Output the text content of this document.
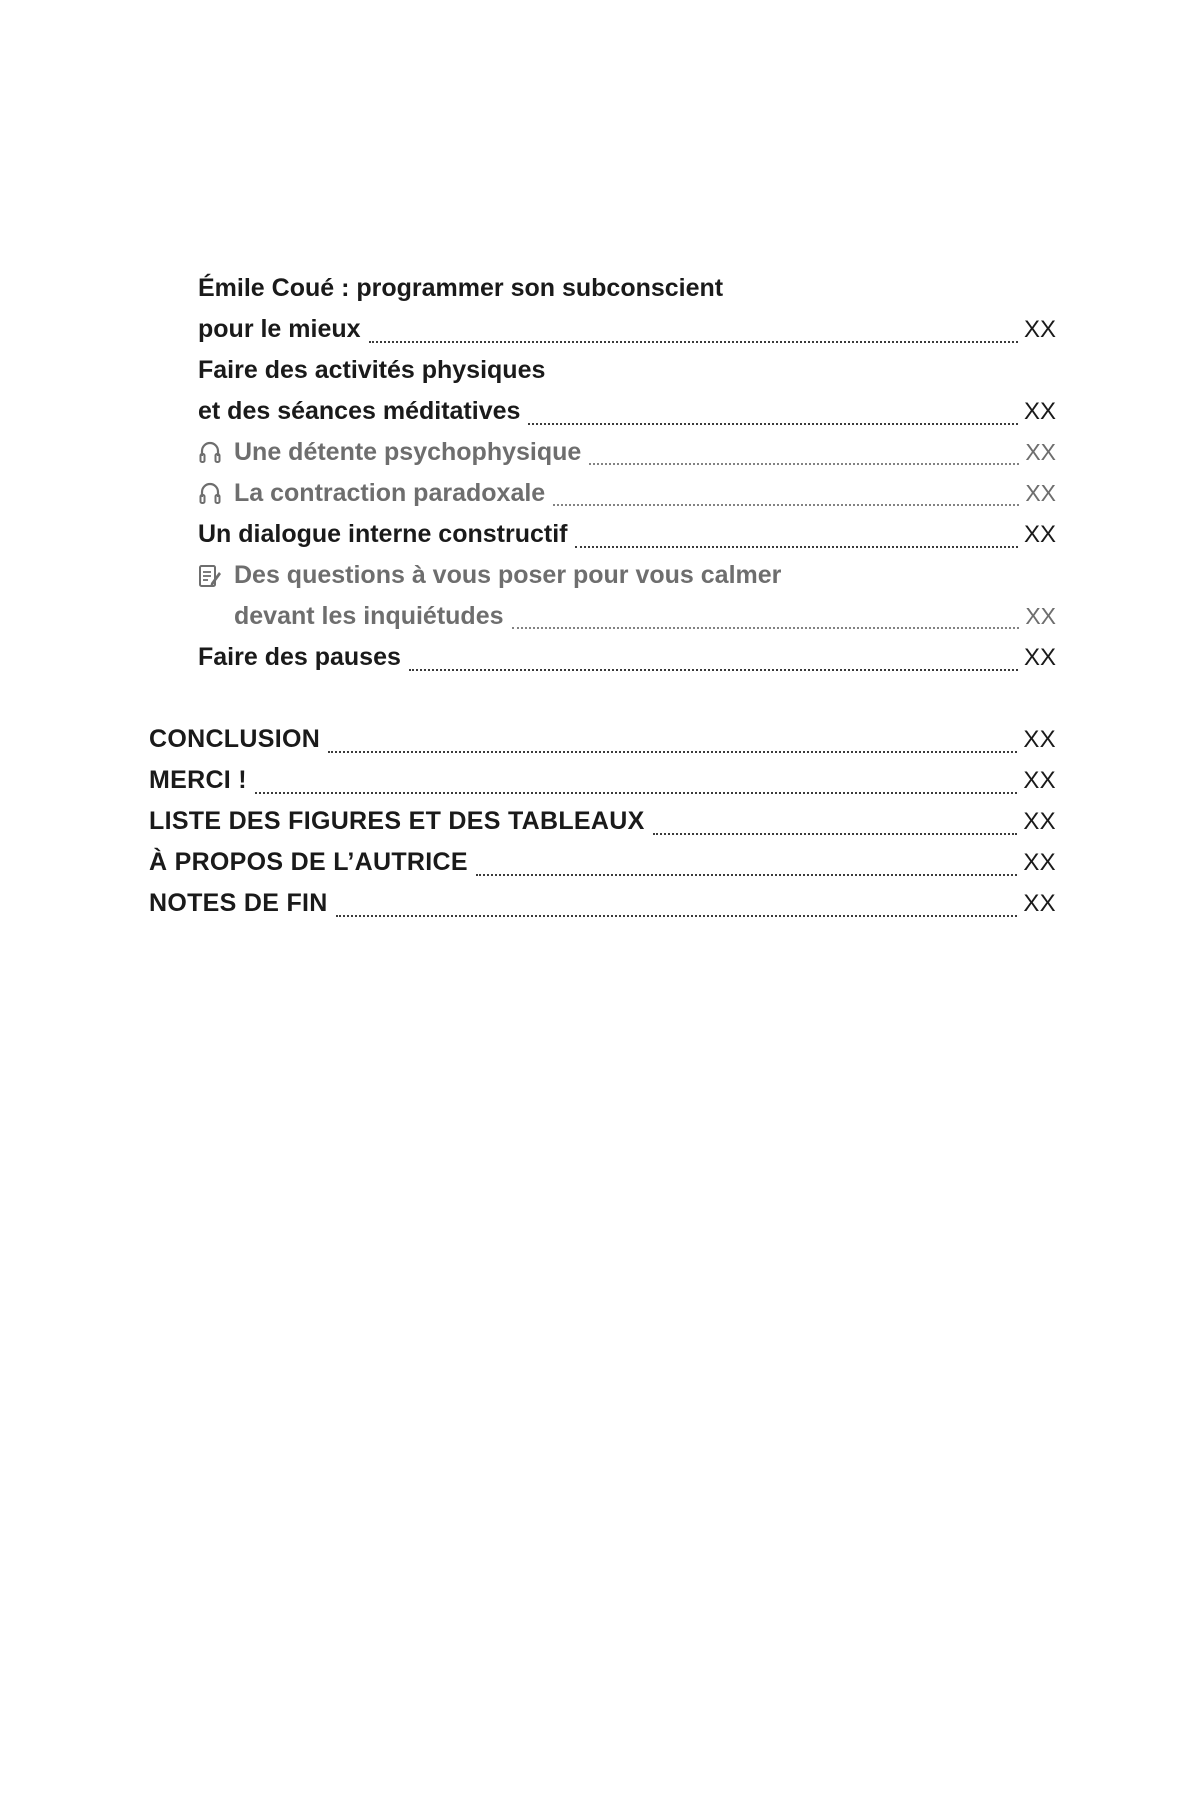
Émile Coué : programmer son subconscient
pour le mieux	XX
Faire des activités physiques
et des séances méditatives	XX
Une détente psychophysique	XX
La contraction paradoxale	XX
Un dialogue interne constructif	XX
Des questions à vous poser pour vous calmer
devant les inquiétudes	XX
Faire des pauses	XX
CONCLUSION	XX
MERCI !	XX
LISTE DES FIGURES ET DES TABLEAUX	XX
À PROPOS DE L’AUTRICE	XX
NOTES DE FIN	XX
